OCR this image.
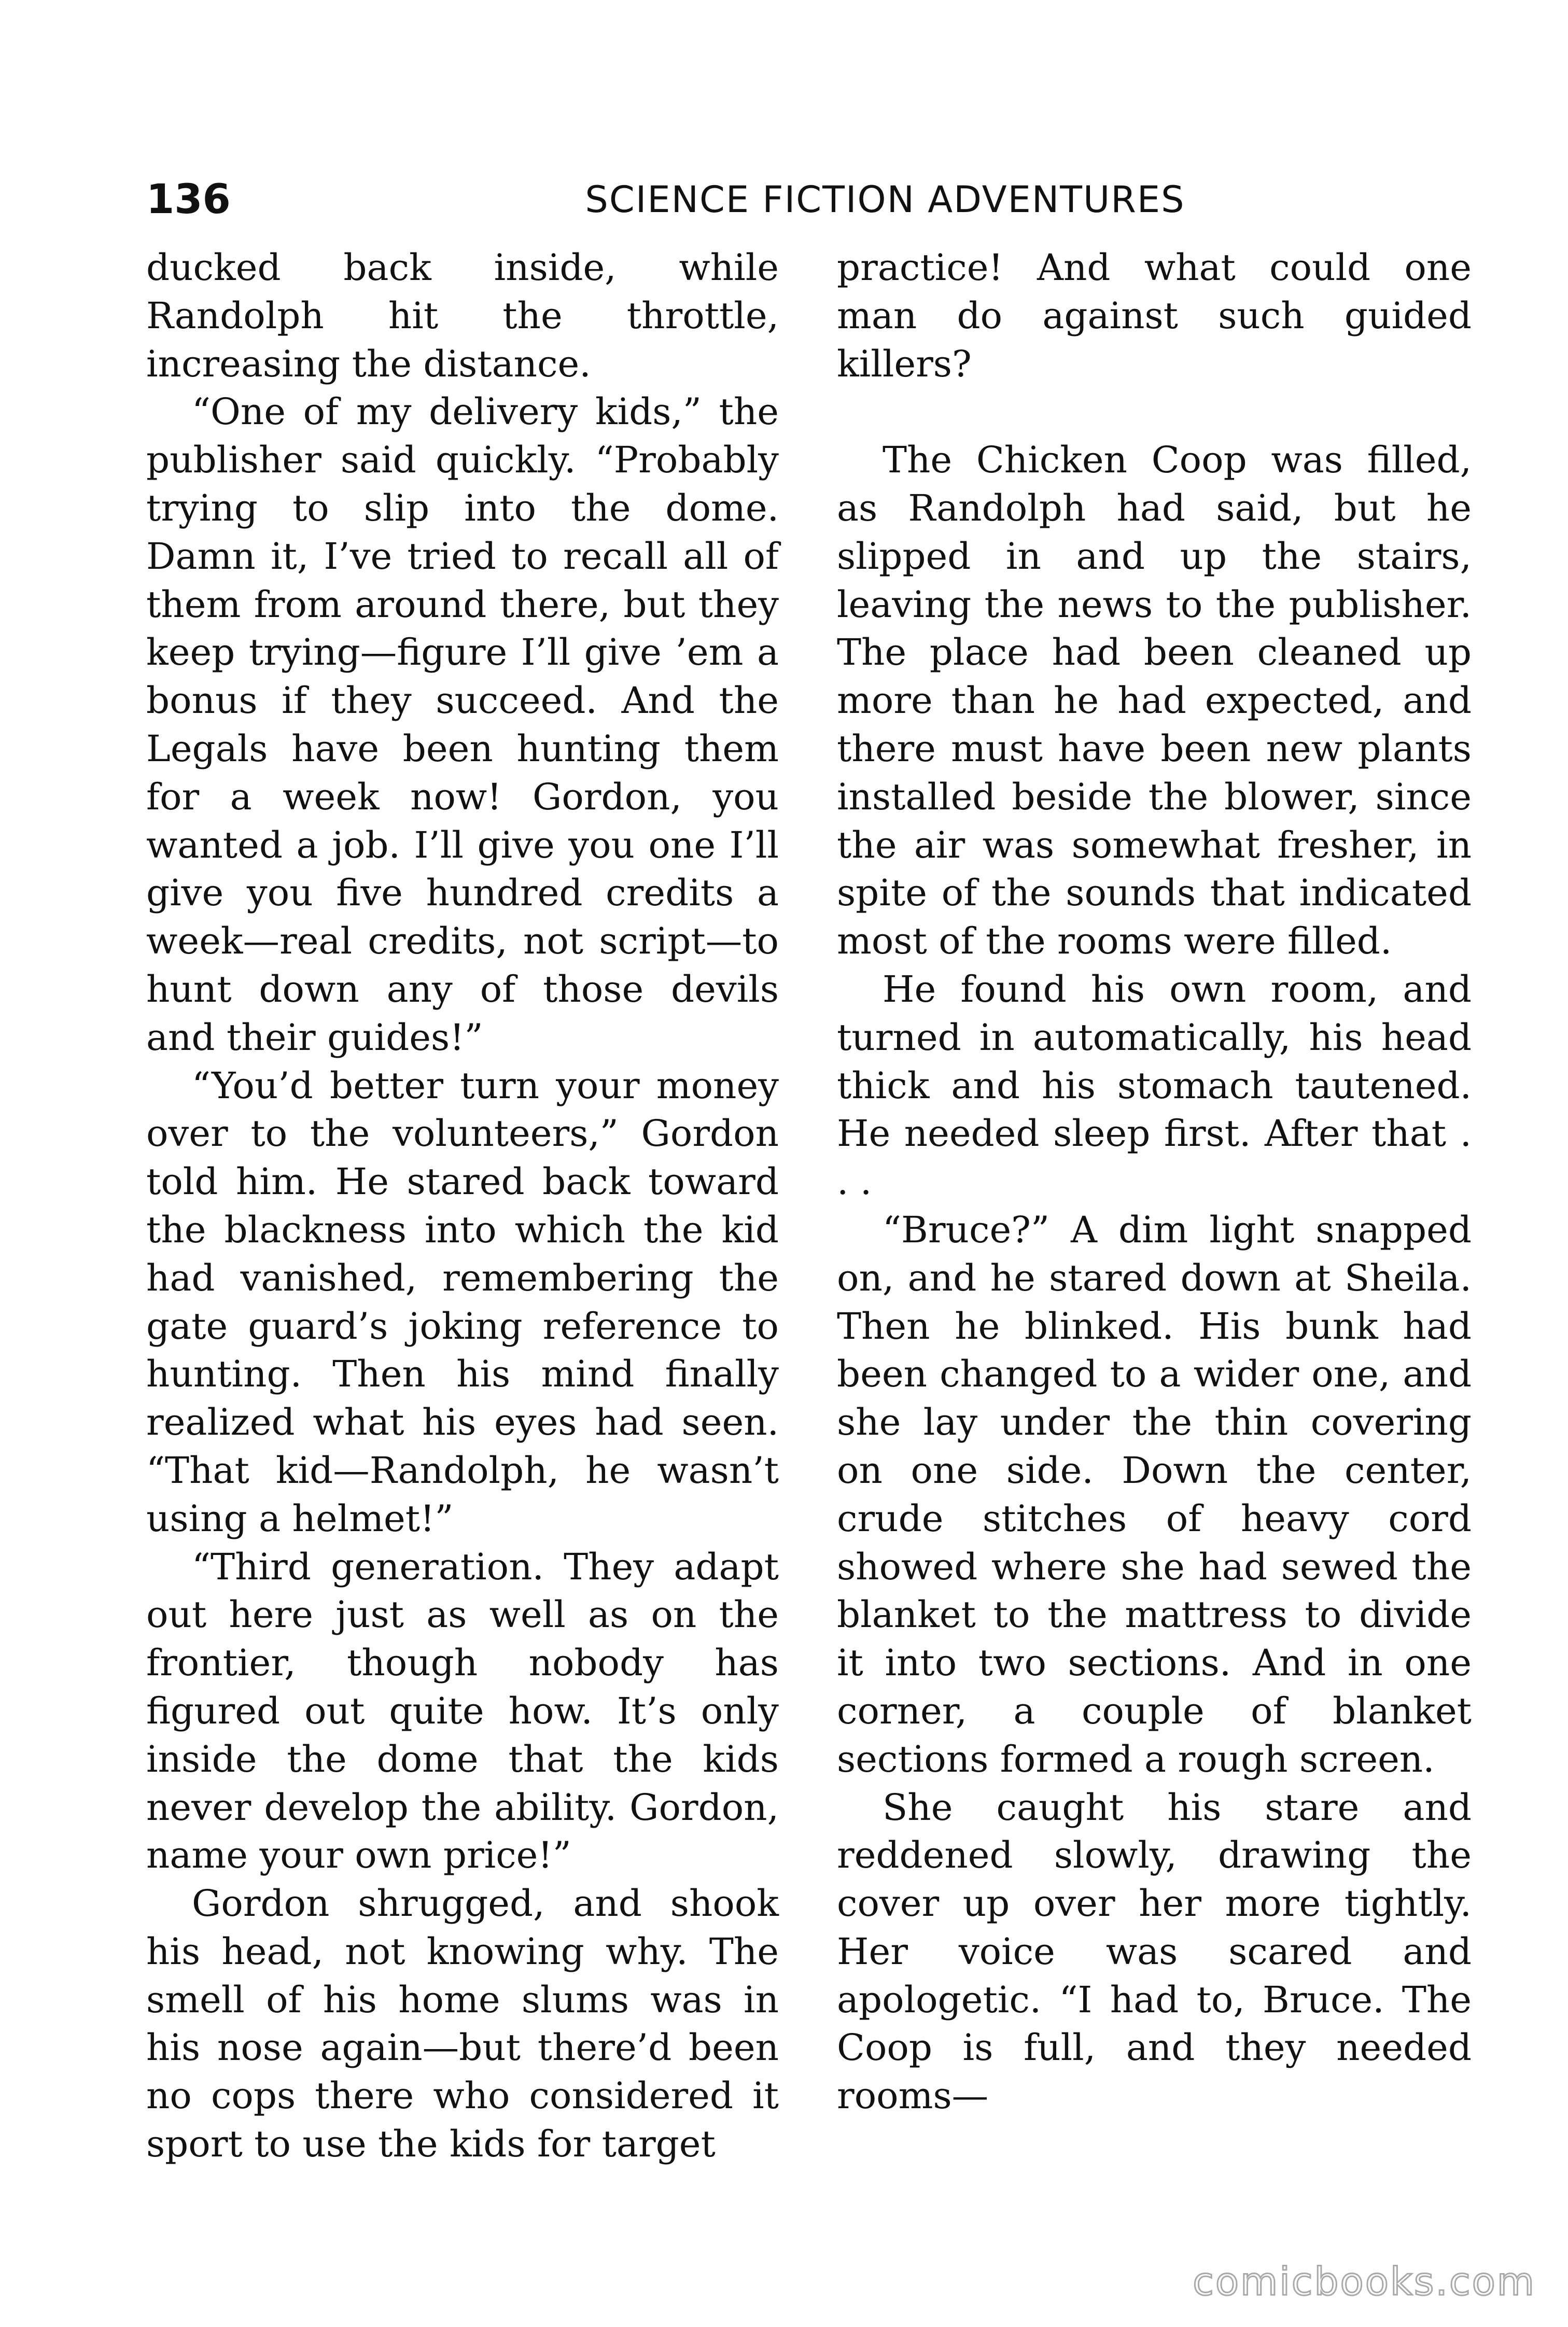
136	SCIENCE FICTION ADVENTURES

ducked back inside, while Randolph hit the throttle, increasing the distance.

“One of my delivery kids,” the publisher said quickly. “Probably trying to slip into the dome. Damn it, I’ve tried to recall all of them from around there, but they keep trying—figure I’ll give ’em a bonus if they succeed. And the Legals have been hunting them for a week now! Gordon, you wanted a job. I’ll give you one I’ll give you five hundred credits a week—real credits, not script—to hunt down any of those devils and their guides!”

“You’d better turn your money over to the volunteers,” Gordon told him. He stared back toward the blackness into which the kid had vanished, remembering the gate guard’s joking reference to hunting. Then his mind finally realized what his eyes had seen. “That kid—Randolph, he wasn’t using a helmet!”

“Third generation. They adapt out here just as well as on the frontier, though nobody has figured out quite how. It’s only inside the dome that the kids never develop the ability. Gordon, name your own price!”

Gordon shrugged, and shook his head, not knowing why. The smell of his home slums was in his nose again—but there’d been no cops there who considered it sport to use the kids for target

practice! And what could one man do against such guided killers?

The Chicken Coop was filled, as Randolph had said, but he slipped in and up the stairs, leaving the news to the publisher. The place had been cleaned up more than he had expected, and there must have been new plants installed beside the blower, since the air was somewhat fresher, in spite of the sounds that indicated most of the rooms were filled.

He found his own room, and turned in automatically, his head thick and his stomach tautened. He needed sleep first. After that . . .

“Bruce?” A dim light snapped on, and he stared down at Sheila. Then he blinked. His bunk had been changed to a wider one, and she lay under the thin covering on one side. Down the center, crude stitches of heavy cord showed where she had sewed the blanket to the mattress to divide it into two sections. And in one corner, a couple of blanket sections formed a rough screen.

She caught his stare and reddened slowly, drawing the cover up over her more tightly. Her voice was scared and apologetic. “I had to, Bruce. The Coop is full, and they needed rooms—

comicbooks.com
